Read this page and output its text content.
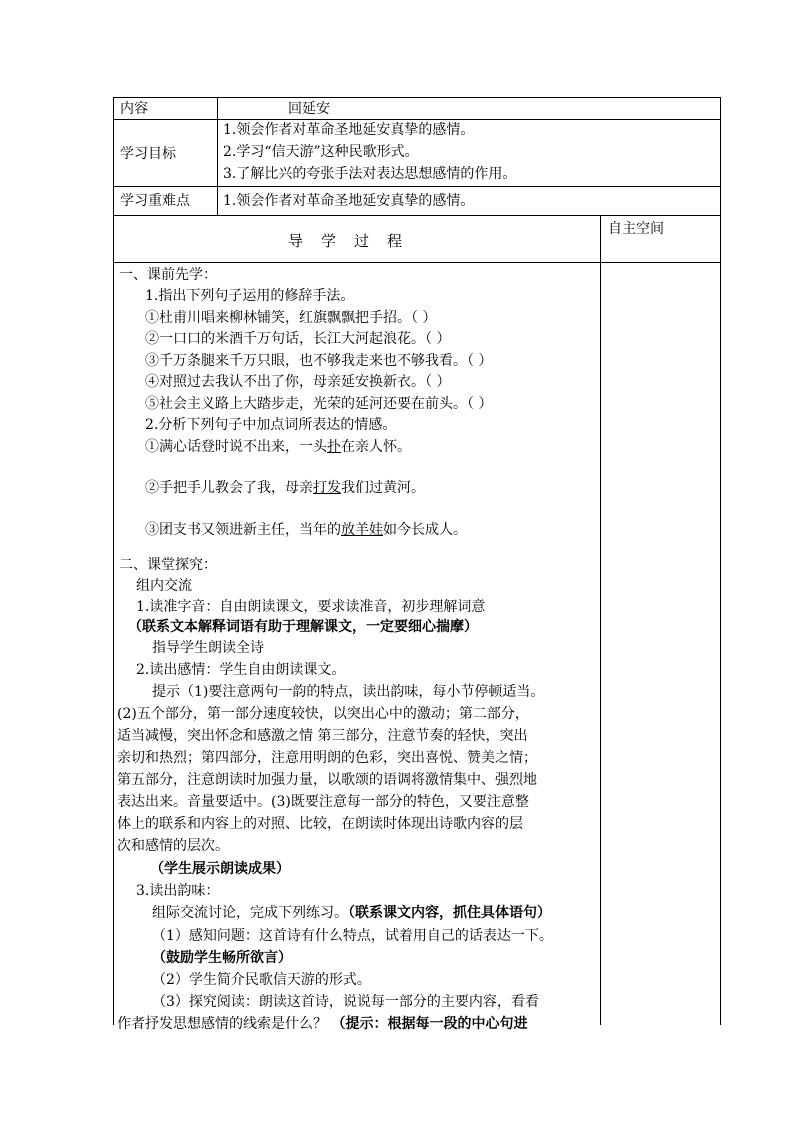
内容	回延安
学习目标
1.领会作者对革命圣地延安真挚的感情。
2.学习“信天游”这种民歌形式。
3.了解比兴的夸张手法对表达思想感情的作用。
学习重难点 1.领会作者对革命圣地延安真挚的感情。
导学过程
自主空间
一、课前先学：
1.指出下列句子运用的修辞手法。
①杜甫川唱来柳林铺笑，红旗飘飘把手招。（ ）
②一口口的米酒千万句话，长江大河起浪花。（ ）
③千万条腿来千万只眼，也不够我走来也不够我看。（ ）
④对照过去我认不出了你，母亲延安换新衣。（ ）
⑤社会主义路上大踏步走，光荣的延河还要在前头。（ ）
2.分析下列句子中加点词所表达的情感。
①满心话登时说不出来，一头扑在亲人怀。
②手把手儿教会了我，母亲打发我们过黄河。
③团支书又领进新主任，当年的放羊娃如今长成人。
二、课堂探究：
组内交流
1.读准字音：自由朗读课文，要求读准音，初步理解词意
（联系文本解释词语有助于理解课文，一定要细心揣摩）
指导学生朗读全诗
2.读出感情：学生自由朗读课文。
提示（1)要注意两句一韵的特点，读出韵味，每小节停顿适当。
(2)五个部分，第一部分速度较快，以突出心中的激动；第二部分，
适当减慢，突出怀念和感激之情 第三部分，注意节奏的轻快，突出
亲切和热烈；第四部分，注意用明朗的色彩，突出喜悦、赞美之情；
第五部分，注意朗读时加强力量，以歌颂的语调将激情集中、强烈地
表达出来。音量要适中。(3)既要注意每一部分的特色，又要注意整
体上的联系和内容上的对照、比较，在朗读时体现出诗歌内容的层
次和感情的层次。
（学生展示朗读成果）
3.读出韵味：
组际交流讨论，完成下列练习。（联系课文内容，抓住具体语句）
（1）感知问题：这首诗有什么特点，试着用自己的话表达一下。
（鼓励学生畅所欲言）
（2）学生简介民歌信天游的形式。
（3）探究阅读：朗读这首诗，说说每一部分的主要内容，看看
作者抒发思想感情的线索是什么？ （提示：根据每一段的中心句进
